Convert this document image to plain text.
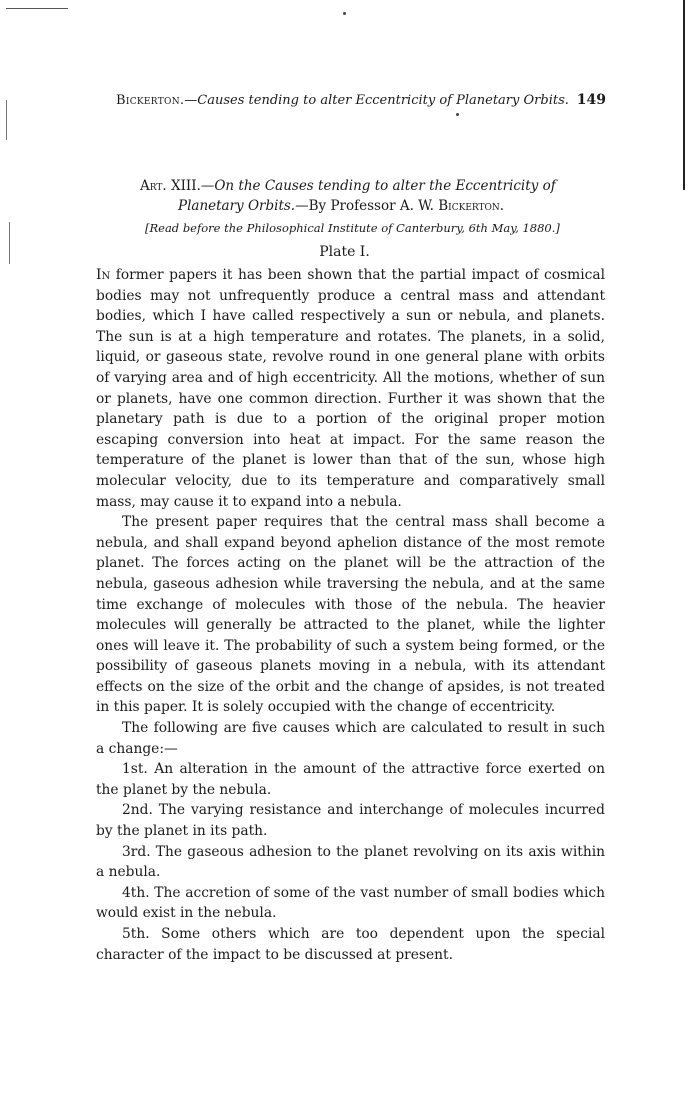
Bickerton.—Causes tending to alter Eccentricity of Planetary Orbits. 149
Art. XIII.—On the Causes tending to alter the Eccentricity of
Planetary Orbits.—By Professor A. W. Bickerton.
[Read before the Philosophical Institute of Canterbury, 6th May, 1880.]
Plate I.

In former papers it has been shown that the partial impact of cosmical bodies may not unfrequently produce a central mass and attendant bodies, which I have called respectively a sun or nebula, and planets. The sun is at a high temperature and rotates. The planets, in a solid, liquid, or gaseous state, revolve round in one general plane with orbits of varying area and of high eccentricity. All the motions, whether of sun or planets, have one common direction. Further it was shown that the planetary path is due to a portion of the original proper motion escaping conversion into heat at impact. For the same reason the temperature of the planet is lower than that of the sun, whose high molecular velocity, due to its temperature and comparatively small mass, may cause it to expand into a nebula.

The present paper requires that the central mass shall become a nebula, and shall expand beyond aphelion distance of the most remote planet. The forces acting on the planet will be the attraction of the nebula, gaseous adhesion while traversing the nebula, and at the same time exchange of molecules with those of the nebula. The heavier molecules will generally be attracted to the planet, while the lighter ones will leave it. The probability of such a system being formed, or the possibility of gaseous planets moving in a nebula, with its attendant effects on the size of the orbit and the change of apsides, is not treated in this paper. It is solely occupied with the change of eccentricity.

The following are five causes which are calculated to result in such a change:—

1st. An alteration in the amount of the attractive force exerted on the planet by the nebula.

2nd. The varying resistance and interchange of molecules incurred by the planet in its path.

3rd. The gaseous adhesion to the planet revolving on its axis within a nebula.

4th. The accretion of some of the vast number of small bodies which would exist in the nebula.

5th. Some others which are too dependent upon the special character of the impact to be discussed at present.
